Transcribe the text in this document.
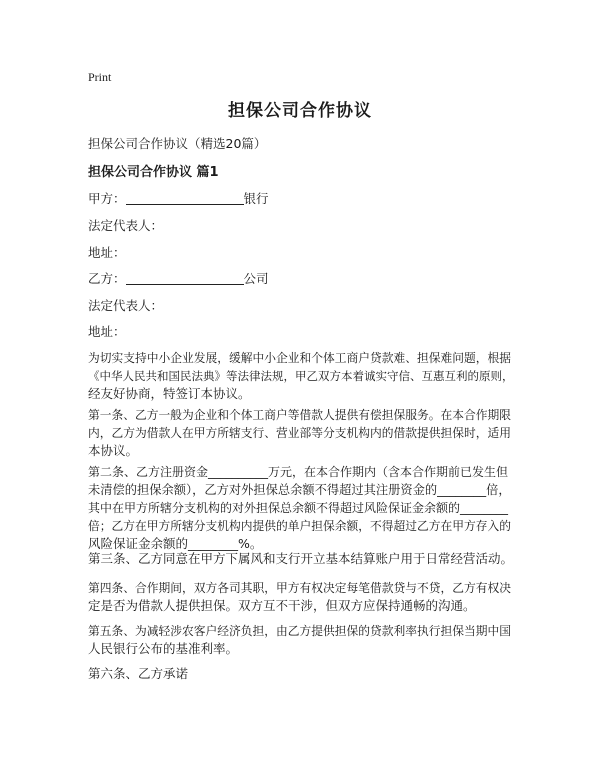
Print
担保公司合作协议
担保公司合作协议（精选20篇）
担保公司合作协议 篇1
甲方：	银行
法定代表人：
地址：
乙方：	公司
法定代表人：
地址：
为切实支持中小企业发展，缓解中小企业和个体工商户贷款难、担保难问题，根据
《中华人民共和国民法典》等法律法规，甲乙双方本着诚实守信、互惠互利的原则，
经友好协商，特签订本协议。
第一条、乙方一般为企业和个体工商户等借款人提供有偿担保服务。在本合作期限
内，乙方为借款人在甲方所辖支行、营业部等分支机构内的借款提供担保时，适用
本协议。
第二条、乙方注册资金__________万元，在本合作期内（含本合作期前已发生但
未清偿的担保余额），乙方对外担保总余额不得超过其注册资金的________倍，
其中在甲方所辖分支机构的对外担保总余额不得超过风险保证金余额的________
倍；乙方在甲方所辖分支机构内提供的单户担保余额，不得超过乙方在甲方存入的
风险保证金余额的________%。
第三条、乙方同意在甲方下属风和支行开立基本结算账户用于日常经营活动。
第四条、合作期间，双方各司其职，甲方有权决定每笔借款贷与不贷，乙方有权决
定是否为借款人提供担保。双方互不干涉，但双方应保持通畅的沟通。
第五条、为减轻涉农客户经济负担，由乙方提供担保的贷款利率执行担保当期中国
人民银行公布的基准利率。
第六条、乙方承诺
